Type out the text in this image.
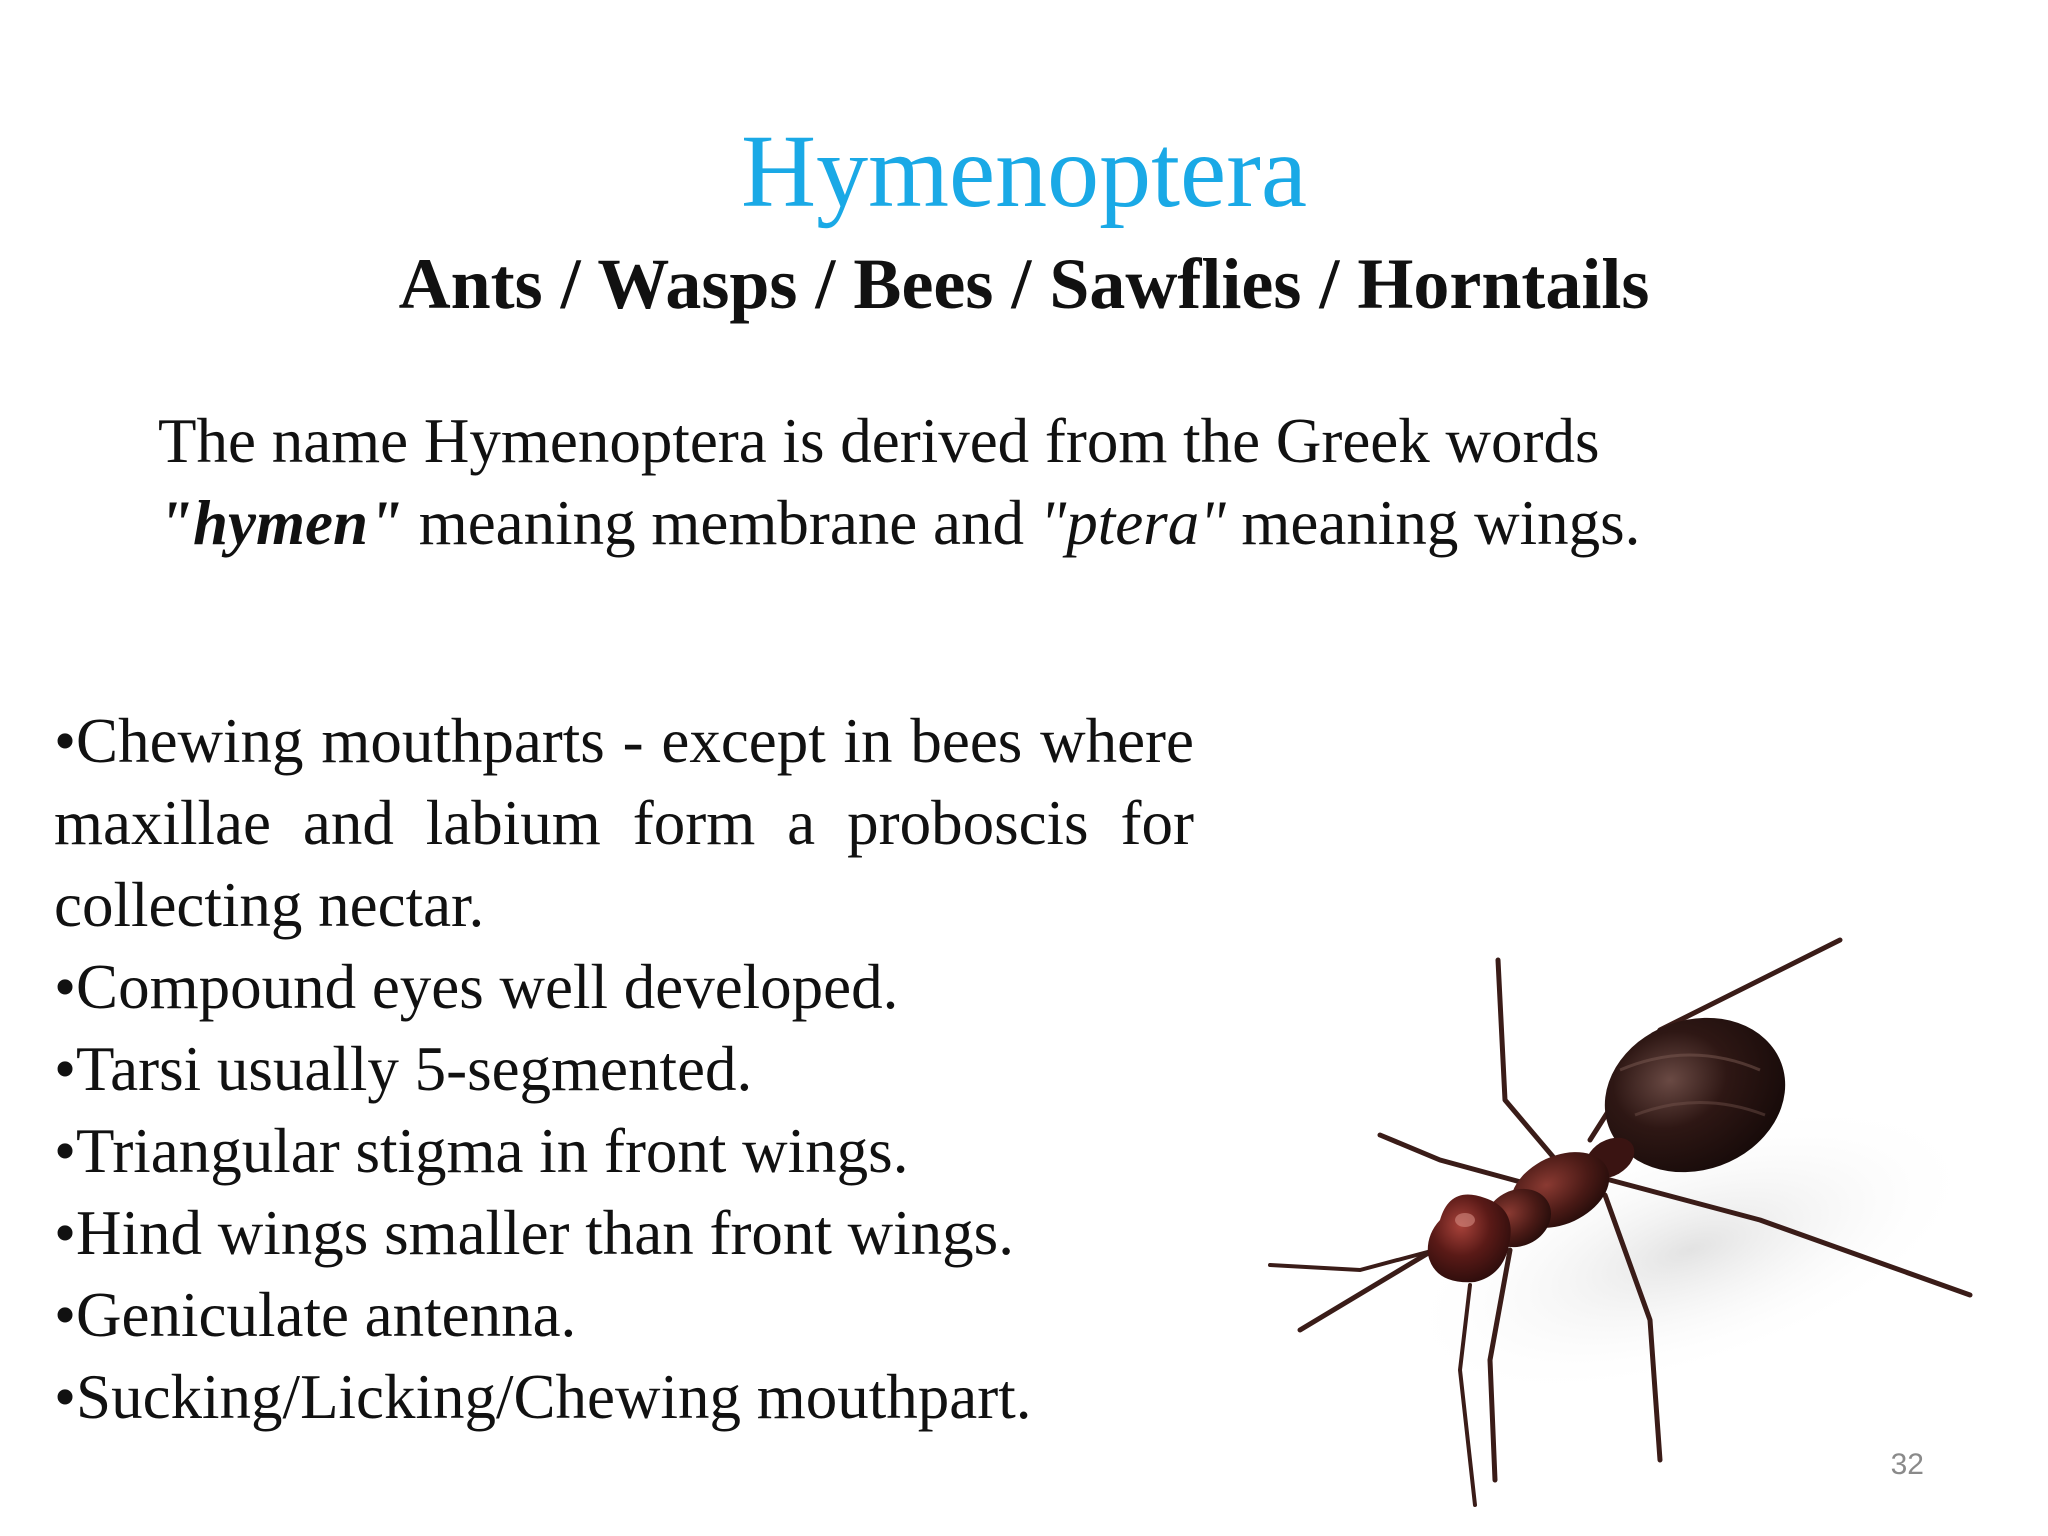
Hymenoptera
Ants / Wasps / Bees / Sawflies / Horntails
The name Hymenoptera is derived from the Greek words
"hymen" meaning membrane and "ptera" meaning wings.
•Chewing mouthparts - except in bees where maxillae and labium form a proboscis for collecting nectar.
•Compound eyes well developed.
•Tarsi usually 5-segmented.
•Triangular stigma in front wings.
•Hind wings smaller than front wings.
•Geniculate antenna.
•Sucking/Licking/Chewing mouthpart.
32
